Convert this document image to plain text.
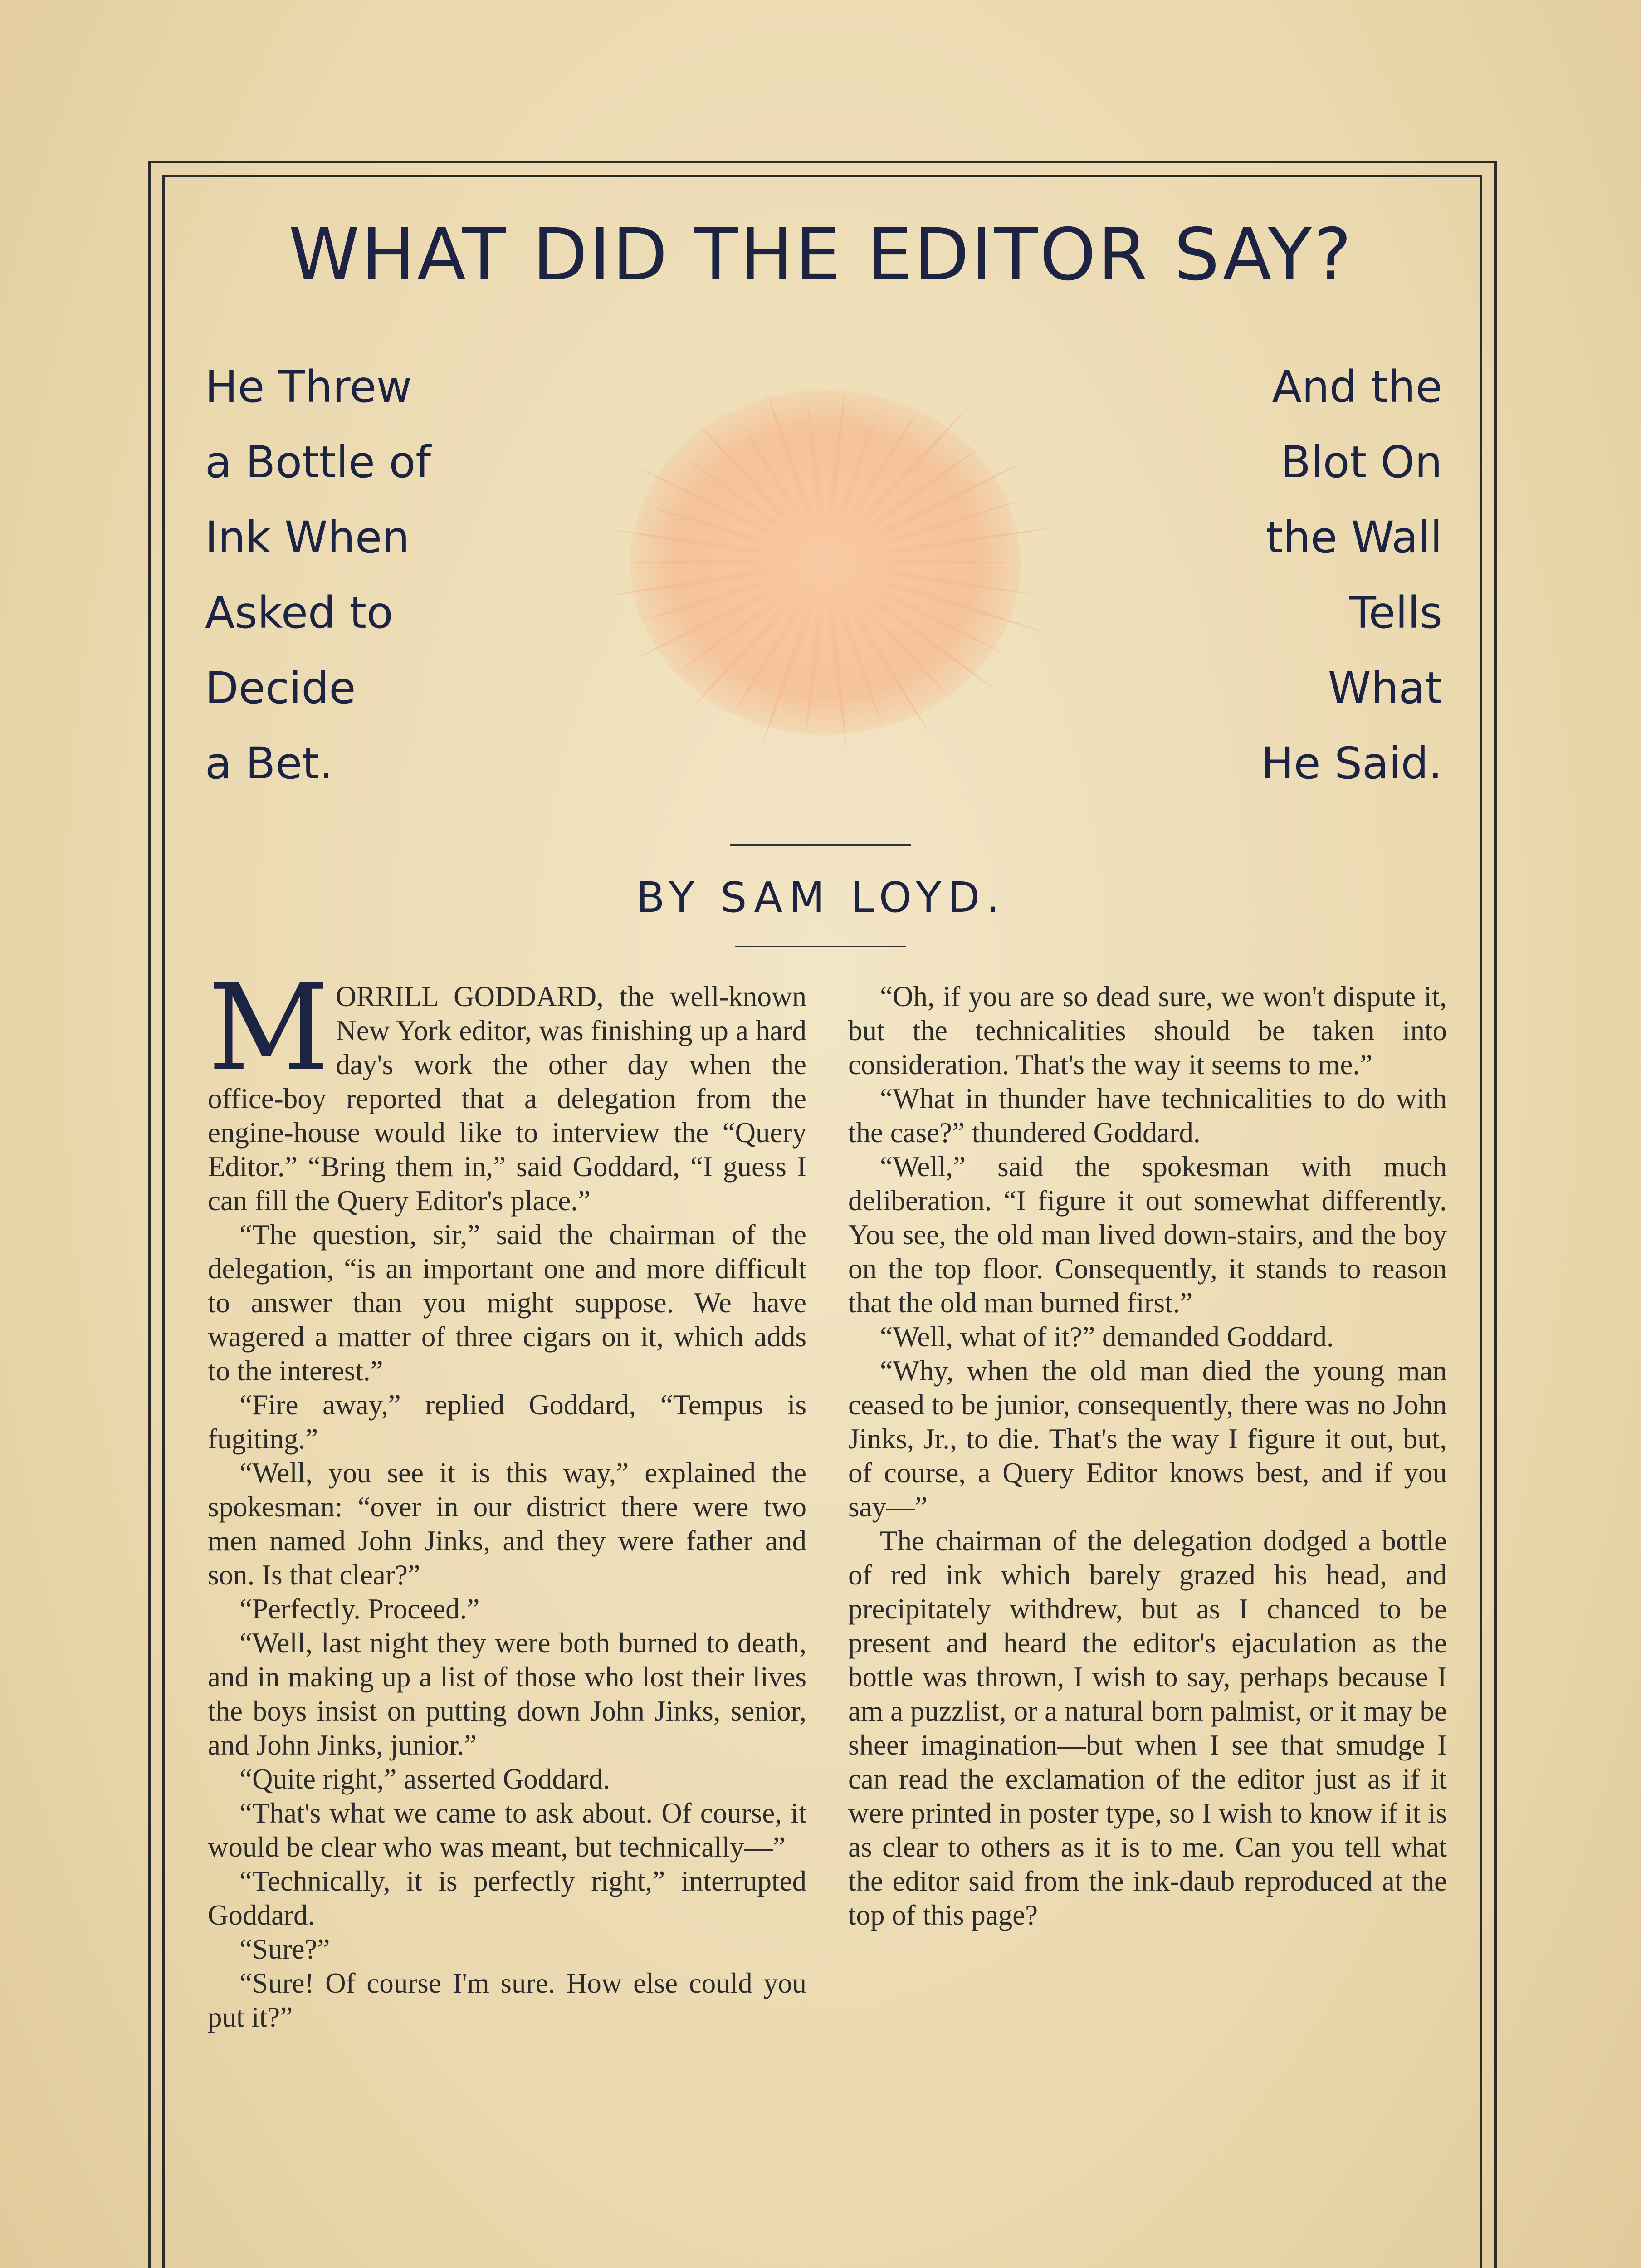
WHAT DID THE EDITOR SAY?
He Threw
a Bottle of
Ink When
Asked to
Decide
a Bet.
And the
Blot On
the Wall
Tells
What
He Said.
BY SAM LOYD.

MORRILL GODDARD, the well-known New York editor, was finishing up a hard day's work the other day when the office-boy reported that a delegation from the engine-house would like to interview the “Query Editor.” “Bring them in,” said Goddard, “I guess I can fill the Query Editor's place.”

“The question, sir,” said the chairman of the delegation, “is an important one and more difficult to answer than you might suppose. We have wagered a matter of three cigars on it, which adds to the interest.”

“Fire away,” replied Goddard, “Tempus is fugiting.”

“Well, you see it is this way,” explained the spokesman: “over in our district there were two men named John Jinks, and they were father and son. Is that clear?”

“Perfectly. Proceed.”

“Well, last night they were both burned to death, and in making up a list of those who lost their lives the boys insist on putting down John Jinks, senior, and John Jinks, junior.”

“Quite right,” asserted Goddard.

“That's what we came to ask about. Of course, it would be clear who was meant, but technically—”

“Technically, it is perfectly right,” interrupted Goddard.

“Sure?”

“Sure! Of course I'm sure. How else could you put it?”

“Oh, if you are so dead sure, we won't dispute it, but the technicalities should be taken into consideration. That's the way it seems to me.”

“What in thunder have technicalities to do with the case?” thundered Goddard.

“Well,” said the spokesman with much deliberation. “I figure it out somewhat differently. You see, the old man lived down-stairs, and the boy on the top floor. Consequently, it stands to reason that the old man burned first.”

“Well, what of it?” demanded Goddard.

“Why, when the old man died the young man ceased to be junior, consequently, there was no John Jinks, Jr., to die. That's the way I figure it out, but, of course, a Query Editor knows best, and if you say—”

The chairman of the delegation dodged a bottle of red ink which barely grazed his head, and precipitately withdrew, but as I chanced to be present and heard the editor's ejaculation as the bottle was thrown, I wish to say, perhaps because I am a puzzlist, or a natural born palmist, or it may be sheer imagination—but when I see that smudge I can read the exclamation of the editor just as if it were printed in poster type, so I wish to know if it is as clear to others as it is to me. Can you tell what the editor said from the ink-daub reproduced at the top of this page?
